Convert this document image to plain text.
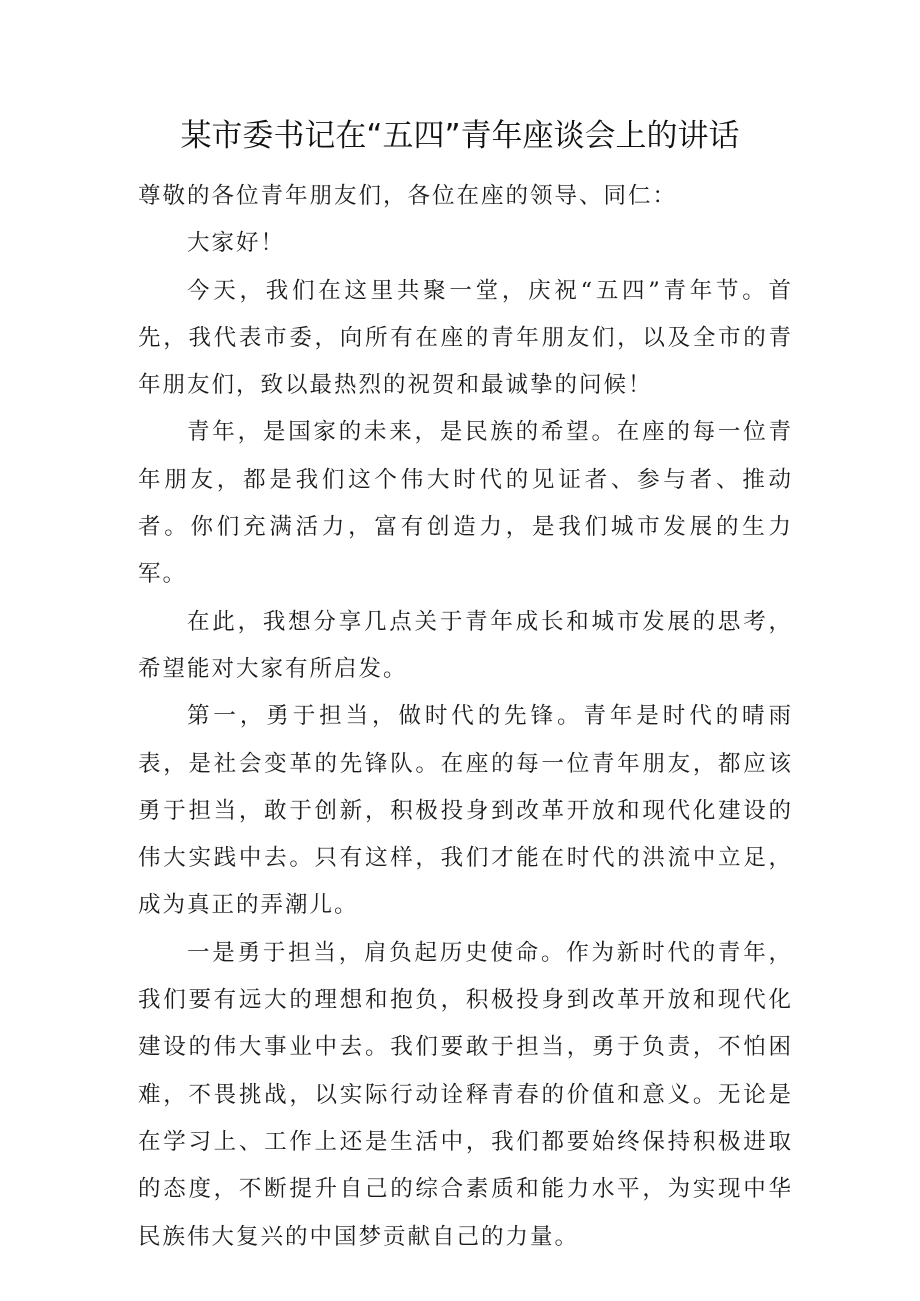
某市委书记在“五四”青年座谈会上的讲话

尊敬的各位青年朋友们，各位在座的领导、同仁：

大家好！

今天，我们在这里共聚一堂，庆祝“五四”青年节。首先，我代表市委，向所有在座的青年朋友们，以及全市的青年朋友们，致以最热烈的祝贺和最诚挚的问候！

青年，是国家的未来，是民族的希望。在座的每一位青年朋友，都是我们这个伟大时代的见证者、参与者、推动者。你们充满活力，富有创造力，是我们城市发展的生力军。

在此，我想分享几点关于青年成长和城市发展的思考，希望能对大家有所启发。

第一，勇于担当，做时代的先锋。青年是时代的晴雨表，是社会变革的先锋队。在座的每一位青年朋友，都应该勇于担当，敢于创新，积极投身到改革开放和现代化建设的伟大实践中去。只有这样，我们才能在时代的洪流中立足，成为真正的弄潮儿。

一是勇于担当，肩负起历史使命。作为新时代的青年，我们要有远大的理想和抱负，积极投身到改革开放和现代化建设的伟大事业中去。我们要敢于担当，勇于负责，不怕困难，不畏挑战，以实际行动诠释青春的价值和意义。无论是在学习上、工作上还是生活中，我们都要始终保持积极进取的态度，不断提升自己的综合素质和能力水平，为实现中华民族伟大复兴的中国梦贡献自己的力量。
